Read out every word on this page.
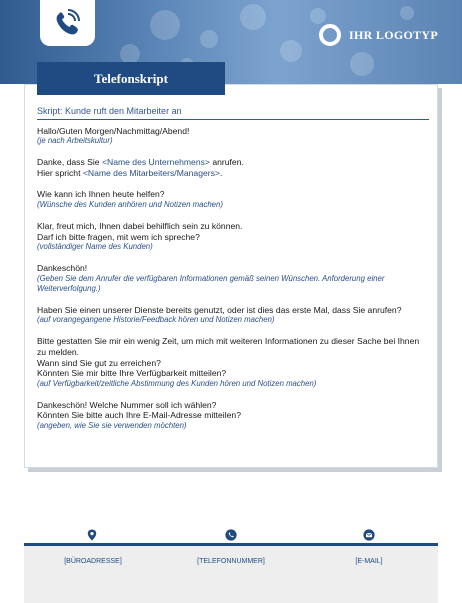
IHR LOGOTYP
Telefonskript
Skript: Kunde ruft den Mitarbeiter an
Hallo/Guten Morgen/Nachmittag/Abend!
(je nach Arbeitskultur)
Danke, dass Sie <Name des Unternehmens> anrufen.
Hier spricht <Name des Mitarbeiters/Managers>.
Wie kann ich Ihnen heute helfen?
(Wünsche des Kunden anhören und Notizen machen)
Klar, freut mich, Ihnen dabei behilflich sein zu können.
Darf ich bitte fragen, mit wem ich spreche?
(vollständiger Name des Kunden)
Dankeschön!
(Geben Sie dem Anrufer die verfügbaren Informationen gemäß seinen Wünschen. Anforderung einer Weiterverfolgung.)
Haben Sie einen unserer Dienste bereits genutzt, oder ist dies das erste Mal, dass Sie anrufen?
(auf vorangegangene Historie/Feedback hören und Notizen machen)
Bitte gestatten Sie mir ein wenig Zeit, um mich mit weiteren Informationen zu dieser Sache bei Ihnen zu melden.
Wann sind Sie gut zu erreichen?
Könnten Sie mir bitte Ihre Verfügbarkeit mitteilen?
(auf Verfügbarkeit/zeitliche Abstimmung des Kunden hören und Notizen machen)
Dankeschön! Welche Nummer soll ich wählen?
Könnten Sie bitte auch Ihre E-Mail-Adresse mitteilen?
(angeben, wie Sie sie verwenden möchten)
[BÜROADRESSE]	[TELEFONNUMMER]	[E-MAIL]
